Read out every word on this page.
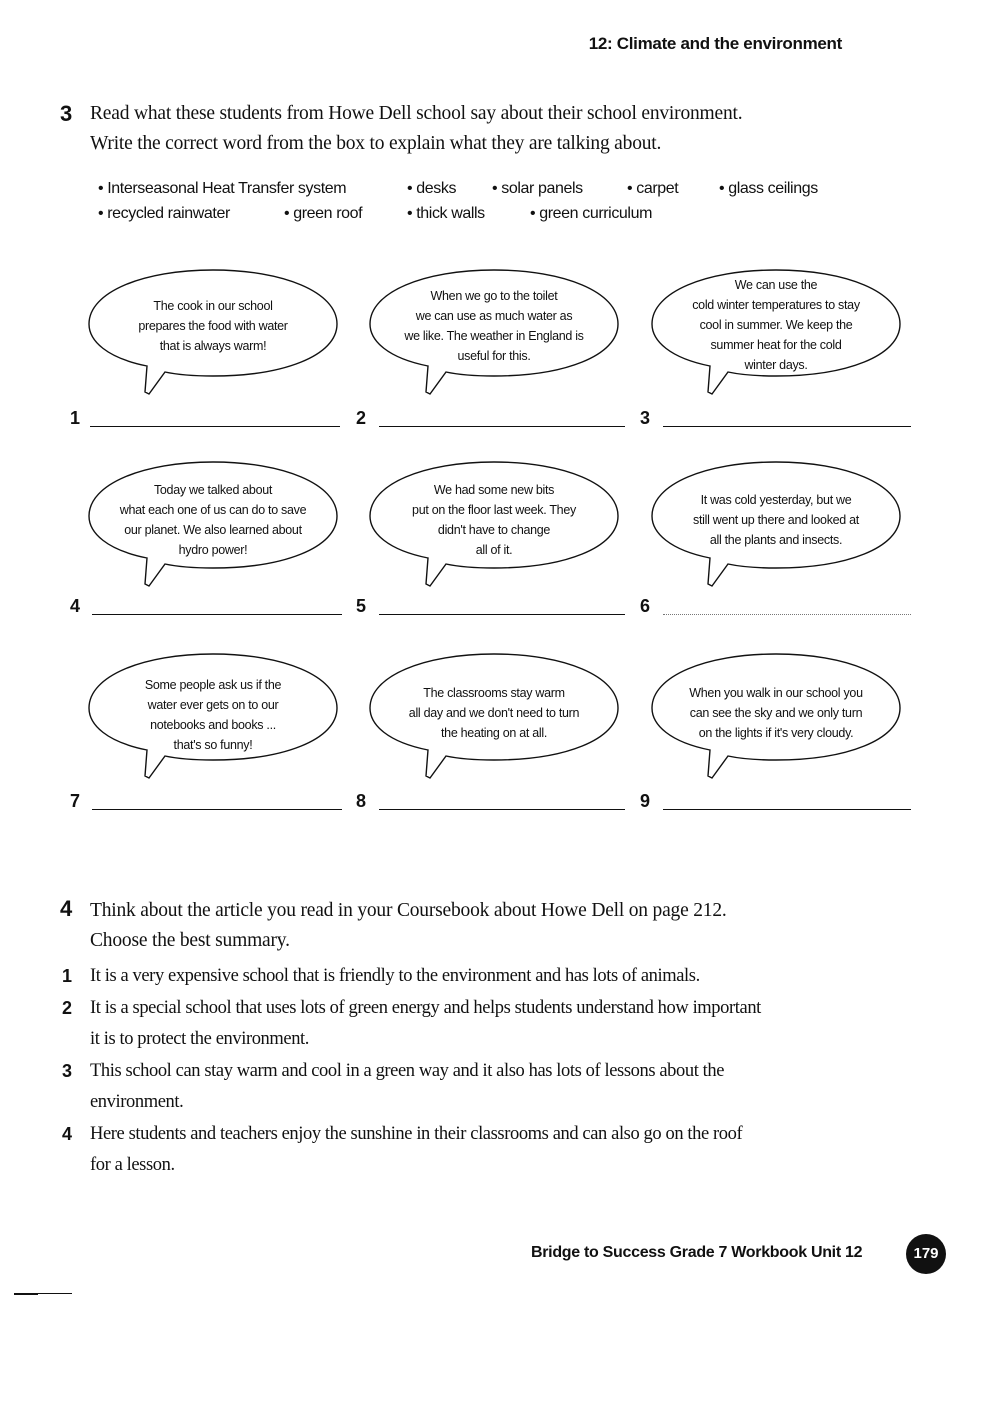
12: Climate and the environment
3 Read what these students from Howe Dell school say about their school environment.
Write the correct word from the box to explain what they are talking about.
• Interseasonal Heat Transfer system	• desks • solar panels	• carpet	• glass ceilings
• recycled rainwater	• green roof	• thick walls	• green curriculum
The cook in our school
prepares the food with water
that is always warm!
When we go to the toilet
we can use as much water as
we like. The weather in England is
useful for this.
We can use the
cold winter temperatures to stay
cool in summer. We keep the
summer heat for the cold
winter days.
1	2	3
Today we talked about
what each one of us can do to save
our planet. We also learned about
hydro power!
We had some new bits
put on the floor last week. They
didn't have to change
all of it.
It was cold yesterday, but we
still went up there and looked at
all the plants and insects.
4	5	6
Some people ask us if the
water ever gets on to our
notebooks and books ...
that's so funny!
The classrooms stay warm
all day and we don't need to turn
the heating on at all.
When you walk in our school you
can see the sky and we only turn
on the lights if it's very cloudy.
7	8	9
4 Think about the article you read in your Coursebook about Howe Dell on page 212.
Choose the best summary.
1 It is a very expensive school that is friendly to the environment and has lots of animals.
2 It is a special school that uses lots of green energy and helps students understand how important
it is to protect the environment.
3 This school can stay warm and cool in a green way and it also has lots of lessons about the
environment.
4 Here students and teachers enjoy the sunshine in their classrooms and can also go on the roof
for a lesson.
Bridge to Success Grade 7 Workbook Unit 12	179
